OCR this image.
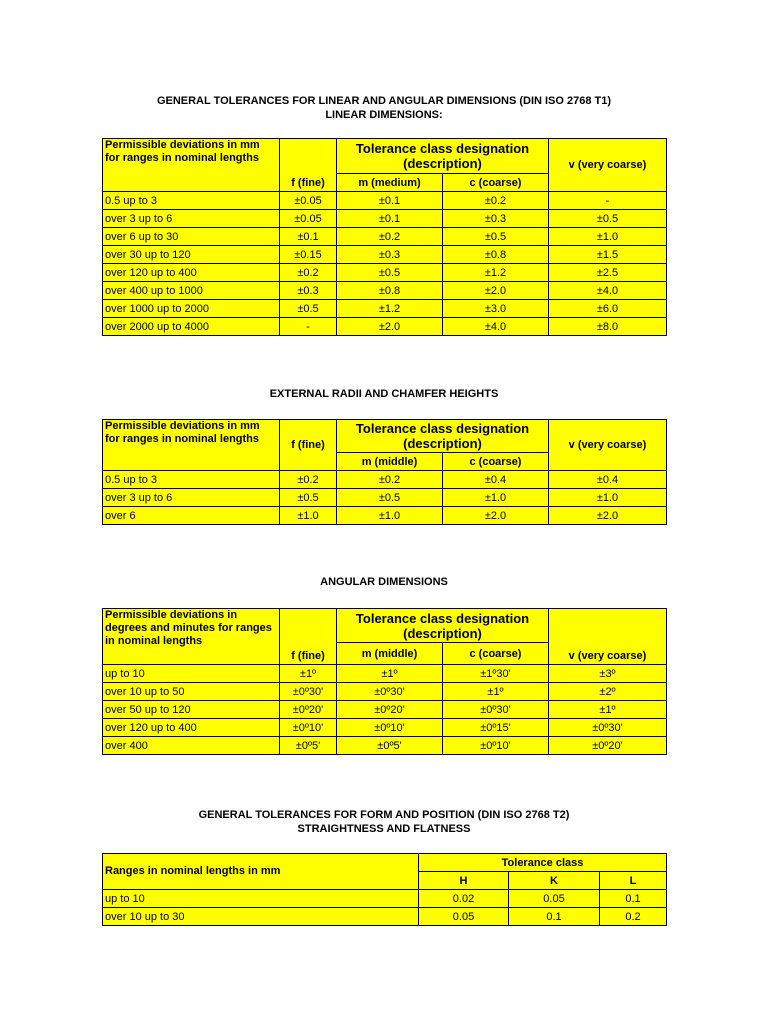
GENERAL TOLERANCES FOR LINEAR AND ANGULAR DIMENSIONS (DIN ISO 2768 T1)
LINEAR DIMENSIONS:
Permissible deviations in mm for ranges in nominal lengths	f (fine)	Tolerance class designation (description)		v (very coarse)
		m (medium)	c (coarse)	
0.5 up to 3	±0.05	±0.1	±0.2	-
over 3 up to 6	±0.05	±0.1	±0.3	±0.5
over 6 up to 30	±0.1	±0.2	±0.5	±1.0
over 30 up to 120	±0.15	±0.3	±0.8	±1.5
over 120 up to 400	±0.2	±0.5	±1.2	±2.5
over 400 up to 1000	±0.3	±0.8	±2.0	±4.0
over 1000 up to 2000	±0.5	±1.2	±3.0	±6.0
over 2000 up to 4000	-	±2.0	±4.0	±8.0
EXTERNAL RADII AND CHAMFER HEIGHTS
Permissible deviations in mm for ranges in nominal lengths	f (fine)	Tolerance class designation (description)		v (very coarse)
		m (middle)	c (coarse)	
0.5 up to 3	±0.2	±0.2	±0.4	±0.4
over 3 up to 6	±0.5	±0.5	±1.0	±1.0
over 6	±1.0	±1.0	±2.0	±2.0
ANGULAR DIMENSIONS
Permissible deviations in degrees and minutes for ranges in nominal lengths	f (fine)	Tolerance class designation (description)		v (very coarse)
		m (middle)	c (coarse)	
up to 10	±1º	±1º	±1º30'	±3º
over 10 up to 50	±0º30'	±0º30'	±1º	±2º
over 50 up to 120	±0º20'	±0º20'	±0º30'	±1º
over 120 up to 400	±0º10'	±0º10'	±0º15'	±0º30'
over 400	±0º5'	±0º5'	±0º10'	±0º20'
GENERAL TOLERANCES FOR FORM AND POSITION (DIN ISO 2768 T2)
STRAIGHTNESS AND FLATNESS
Ranges in nominal lengths in mm	Tolerance class		
	H	K	L
up to 10	0.02	0.05	0.1
over 10 up to 30	0.05	0.1	0.2
